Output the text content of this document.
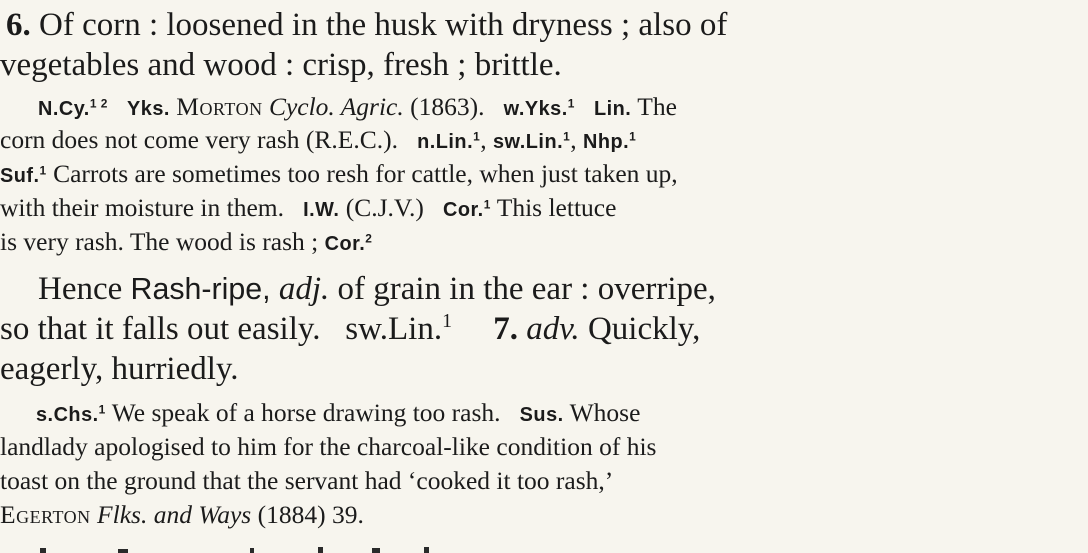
6. Of corn : loosened in the husk with dryness ; also of
vegetables and wood : crisp, fresh ; brittle.
N.Cy.$^{1 2}$ Yks. Morton Cyclo. Agric. (1863). w.Yks.$^1$ Lin. The
corn does not come very rash (R.E.C.). n.Lin.$^1$, sw.Lin.$^1$, Nhp.$^1$
Suf.$^1$ Carrots are sometimes too resh for cattle, when just taken up,
with their moisture in them. I.W. (C.J.V.) Cor.$^1$ This lettuce
is very rash. The wood is rash ; Cor.$^2$
Hence Rash-ripe, adj. of grain in the ear : overripe,
so that it falls out easily. sw.Lin.$^1$ 7. adv. Quickly,
eagerly, hurriedly.
s.Chs.$^1$ We speak of a horse drawing too rash. Sus. Whose
landlady apologised to him for the charcoal-like condition of his
toast on the ground that the servant had ‘cooked it too rash,’
Egerton Flks. and Ways (1884) 39.
